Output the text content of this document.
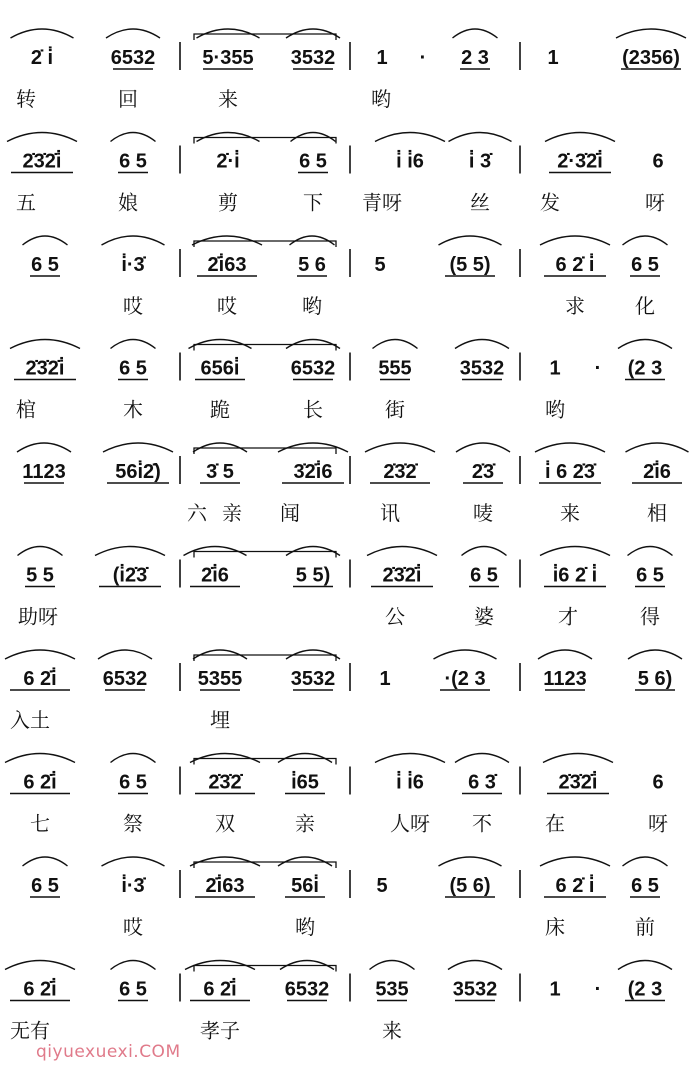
2̇ i̇	6532 5·355 3532 1 · 2 3	1	(2356)
转	回	来	哟
2̇3̇2̇i̇	6 5	2̇·i̇	6 5	i̇ i̇6 i̇ 3̇	2̇·3̇2̇i̇ 6
五	娘	剪	下 青呀	丝	发	呀
6 5	i̇·3̇	2̇i̇63	5 6 5	(5 5)	6 2̇ i̇ 6 5
哎	哎	哟	求	化
2̇3̇2̇i̇	6 5	656i̇	6532 555 3532 1 · (2 3
棺	木	跪	长	街	哟
1123 56i̇2̇) 3̇ 5	3̇2̇i̇6	2̇3̇2̇	2̇3̇	i̇ 6 2̇3̇ 2̇i̇6
六 亲 闻	讯	唛	来	相
5 5	(i̇2̇3̇	2̇i̇6	5 5)	2̇3̇2̇i̇ 6 5	i̇6 2̇ i̇ 6 5
助呀	公	婆	才	得
6 2̇i̇ 6532	5355 3532 1	·(2 3	1123	5 6)
入土	埋
6 2̇i̇	6 5	2̇3̇2̇ i̇65	i̇ i̇6 6 3̇	2̇3̇2̇i̇	6
七	祭	双	亲	人呀 不	在	呀
6 5	i̇·3̇	2̇i̇63 56i̇	5	(5 6)	6 2̇ i̇ 6 5
哎	哟	床	前
6 2̇i̇	6 5	6 2̇i̇ 6532 535 3532	1 · (2 3
无有	孝子	来
qiyuexuexi.COM
